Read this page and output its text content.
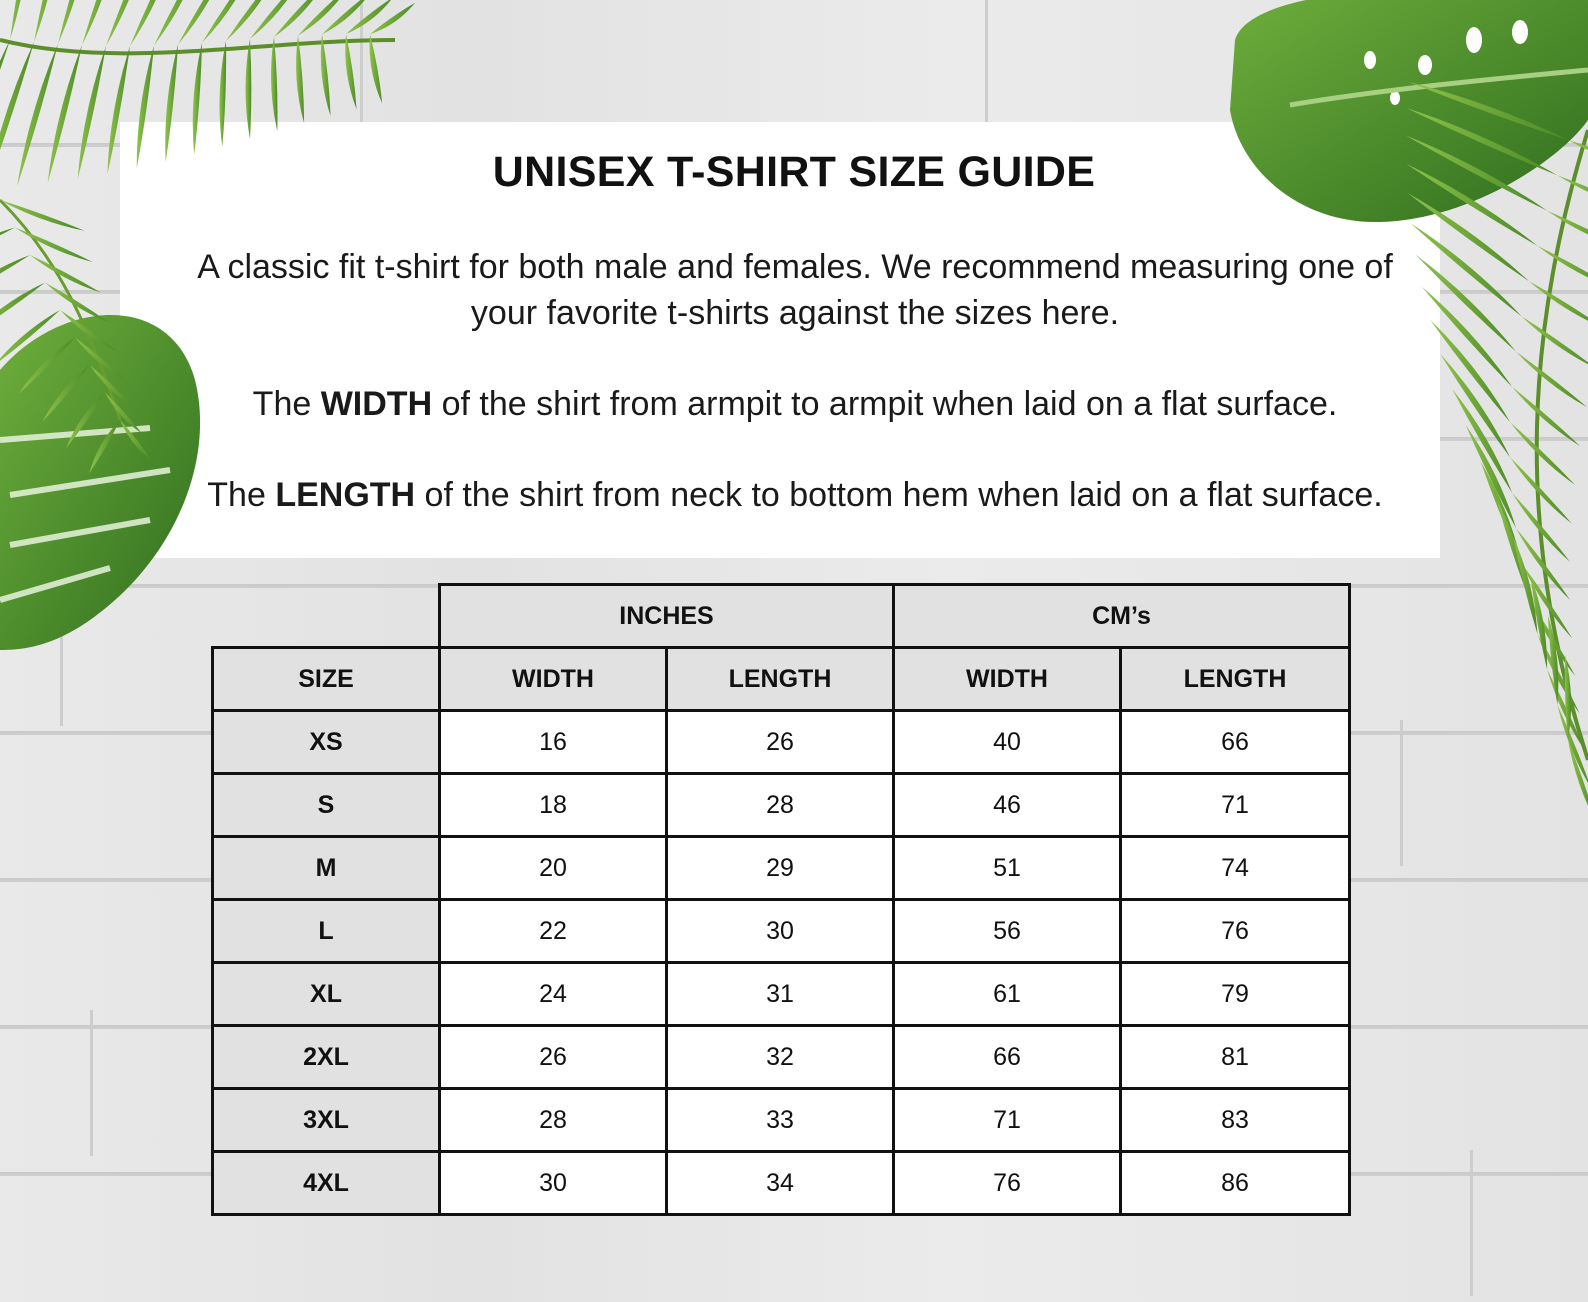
UNISEX T-SHIRT SIZE GUIDE
A classic fit t-shirt for both male and females. We recommend measuring one of
your favorite t-shirts against the sizes here.
The WIDTH of the shirt from armpit to armpit when laid on a flat surface.
The LENGTH of the shirt from neck to bottom hem when laid on a flat surface.
	INCHES		CM’s	
SIZE	WIDTH	LENGTH	WIDTH	LENGTH
XS	16	26	40	66
S	18	28	46	71
M	20	29	51	74
L	22	30	56	76
XL	24	31	61	79
2XL	26	32	66	81
3XL	28	33	71	83
4XL	30	34	76	86
